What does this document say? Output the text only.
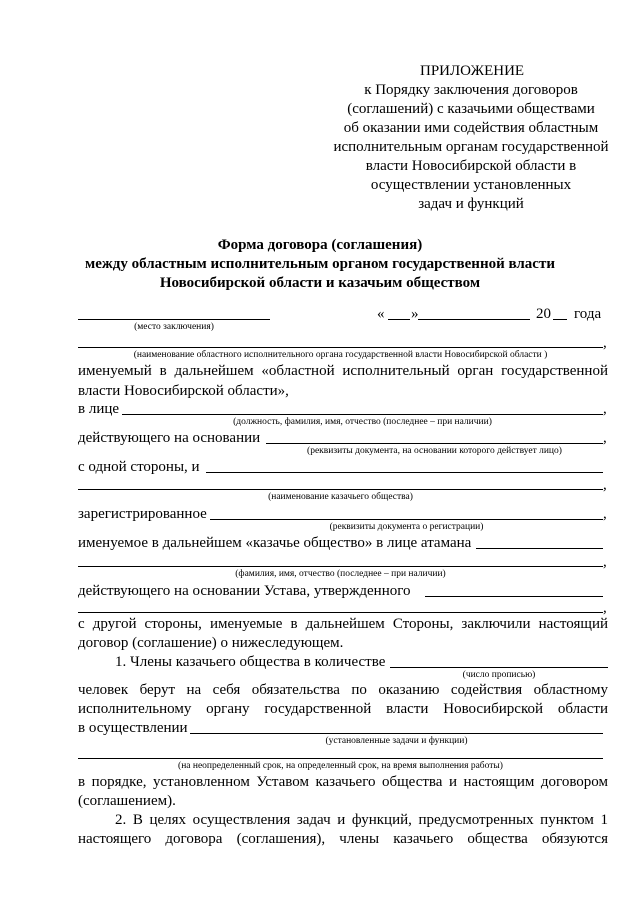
ПРИЛОЖЕНИЕ
к Порядку заключения договоров
(соглашений) с казачьими обществами
об оказании ими содействия областным
исполнительным органам государственной
власти Новосибирской области в
осуществлении установленных
задач и функций
Форма договора (соглашения)
между областным исполнительным органом государственной власти
Новосибирской области и казачьим обществом
(место заключения)
« »	20 года
,
(наименование областного исполнительного органа государственной власти Новосибирской области )
именуемый в дальнейшем «областной исполнительный орган государственной
власти Новосибирской области»,
в лице	,
(должность, фамилия, имя, отчество (последнее – при наличии)
действующего на основании	,
(реквизиты документа, на основании которого действует лицо)
с одной стороны, и
,
(наименование казачьего общества)
зарегистрированное	,
(реквизиты документа о регистрации)
именуемое в дальнейшем «казачье общество» в лице атамана
,
(фамилия, имя, отчество (последнее – при наличии)
действующего на основании Устава, утвержденного
,
с другой стороны, именуемые в дальнейшем Стороны, заключили настоящий
договор (соглашение) о нижеследующем.
1. Члены казачьего общества в количестве
(число прописью)
человек берут на себя обязательства по оказанию содействия областному
исполнительному органу государственной власти Новосибирской области
в осуществлении
(установленные задачи и функции)
(на неопределенный срок, на определенный срок, на время выполнения работы)
в порядке, установленном Уставом казачьего общества и настоящим договором
(соглашением).
2. В целях осуществления задач и функций, предусмотренных пунктом 1
настоящего договора (соглашения), члены казачьего общества обязуются
